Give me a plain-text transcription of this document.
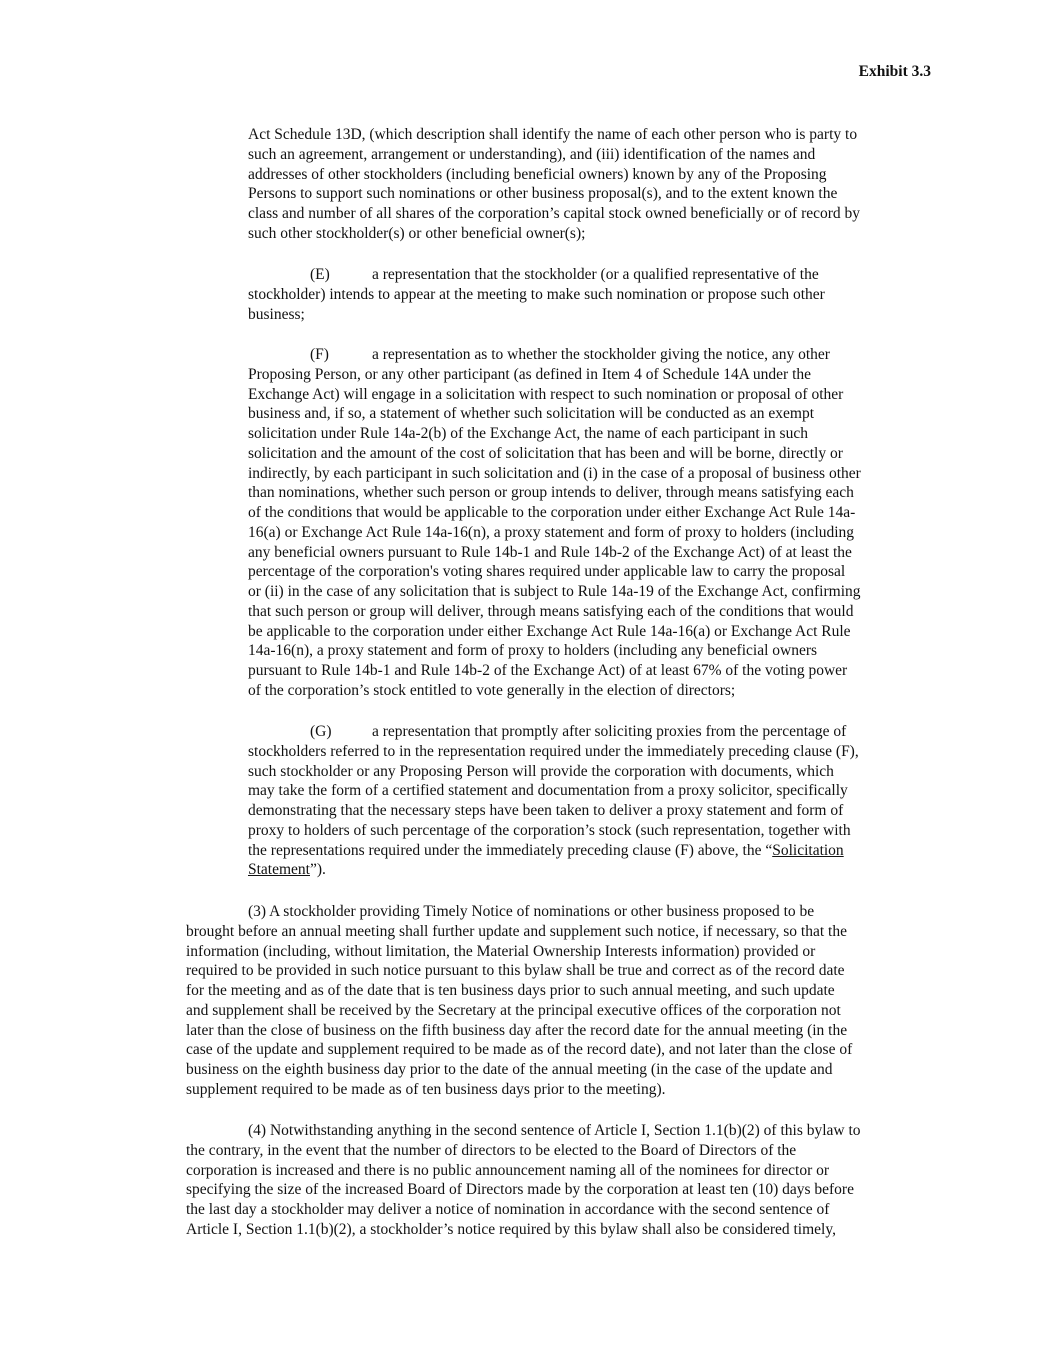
Exhibit 3.3

Act Schedule 13D, (which description shall identify the name of each other person who is party to
such an agreement, arrangement or understanding), and (iii) identification of the names and
addresses of other stockholders (including beneficial owners) known by any of the Proposing
Persons to support such nominations or other business proposal(s), and to the extent known the
class and number of all shares of the corporation’s capital stock owned beneficially or of record by
such other stockholder(s) or other beneficial owner(s);
(E)	a representation that the stockholder (or a qualified representative of the
stockholder) intends to appear at the meeting to make such nomination or propose such other
business;
(F)	a representation as to whether the stockholder giving the notice, any other
Proposing Person, or any other participant (as defined in Item 4 of Schedule 14A under the
Exchange Act) will engage in a solicitation with respect to such nomination or proposal of other
business and, if so, a statement of whether such solicitation will be conducted as an exempt
solicitation under Rule 14a-2(b) of the Exchange Act, the name of each participant in such
solicitation and the amount of the cost of solicitation that has been and will be borne, directly or
indirectly, by each participant in such solicitation and (i) in the case of a proposal of business other
than nominations, whether such person or group intends to deliver, through means satisfying each
of the conditions that would be applicable to the corporation under either Exchange Act Rule 14a-
16(a) or Exchange Act Rule 14a-16(n), a proxy statement and form of proxy to holders (including
any beneficial owners pursuant to Rule 14b-1 and Rule 14b-2 of the Exchange Act) of at least the
percentage of the corporation's voting shares required under applicable law to carry the proposal
or (ii) in the case of any solicitation that is subject to Rule 14a-19 of the Exchange Act, confirming
that such person or group will deliver, through means satisfying each of the conditions that would
be applicable to the corporation under either Exchange Act Rule 14a-16(a) or Exchange Act Rule
14a-16(n), a proxy statement and form of proxy to holders (including any beneficial owners
pursuant to Rule 14b-1 and Rule 14b-2 of the Exchange Act) of at least 67% of the voting power
of the corporation’s stock entitled to vote generally in the election of directors;
(G)	a representation that promptly after soliciting proxies from the percentage of
stockholders referred to in the representation required under the immediately preceding clause (F),
such stockholder or any Proposing Person will provide the corporation with documents, which
may take the form of a certified statement and documentation from a proxy solicitor, specifically
demonstrating that the necessary steps have been taken to deliver a proxy statement and form of
proxy to holders of such percentage of the corporation’s stock (such representation, together with
the representations required under the immediately preceding clause (F) above, the “Solicitation
Statement”).
(3) A stockholder providing Timely Notice of nominations or other business proposed to be
brought before an annual meeting shall further update and supplement such notice, if necessary, so that the
information (including, without limitation, the Material Ownership Interests information) provided or
required to be provided in such notice pursuant to this bylaw shall be true and correct as of the record date
for the meeting and as of the date that is ten business days prior to such annual meeting, and such update
and supplement shall be received by the Secretary at the principal executive offices of the corporation not
later than the close of business on the fifth business day after the record date for the annual meeting (in the
case of the update and supplement required to be made as of the record date), and not later than the close of
business on the eighth business day prior to the date of the annual meeting (in the case of the update and
supplement required to be made as of ten business days prior to the meeting).
(4) Notwithstanding anything in the second sentence of Article I, Section 1.1(b)(2) of this bylaw to
the contrary, in the event that the number of directors to be elected to the Board of Directors of the
corporation is increased and there is no public announcement naming all of the nominees for director or
specifying the size of the increased Board of Directors made by the corporation at least ten (10) days before
the last day a stockholder may deliver a notice of nomination in accordance with the second sentence of
Article I, Section 1.1(b)(2), a stockholder’s notice required by this bylaw shall also be considered timely,
